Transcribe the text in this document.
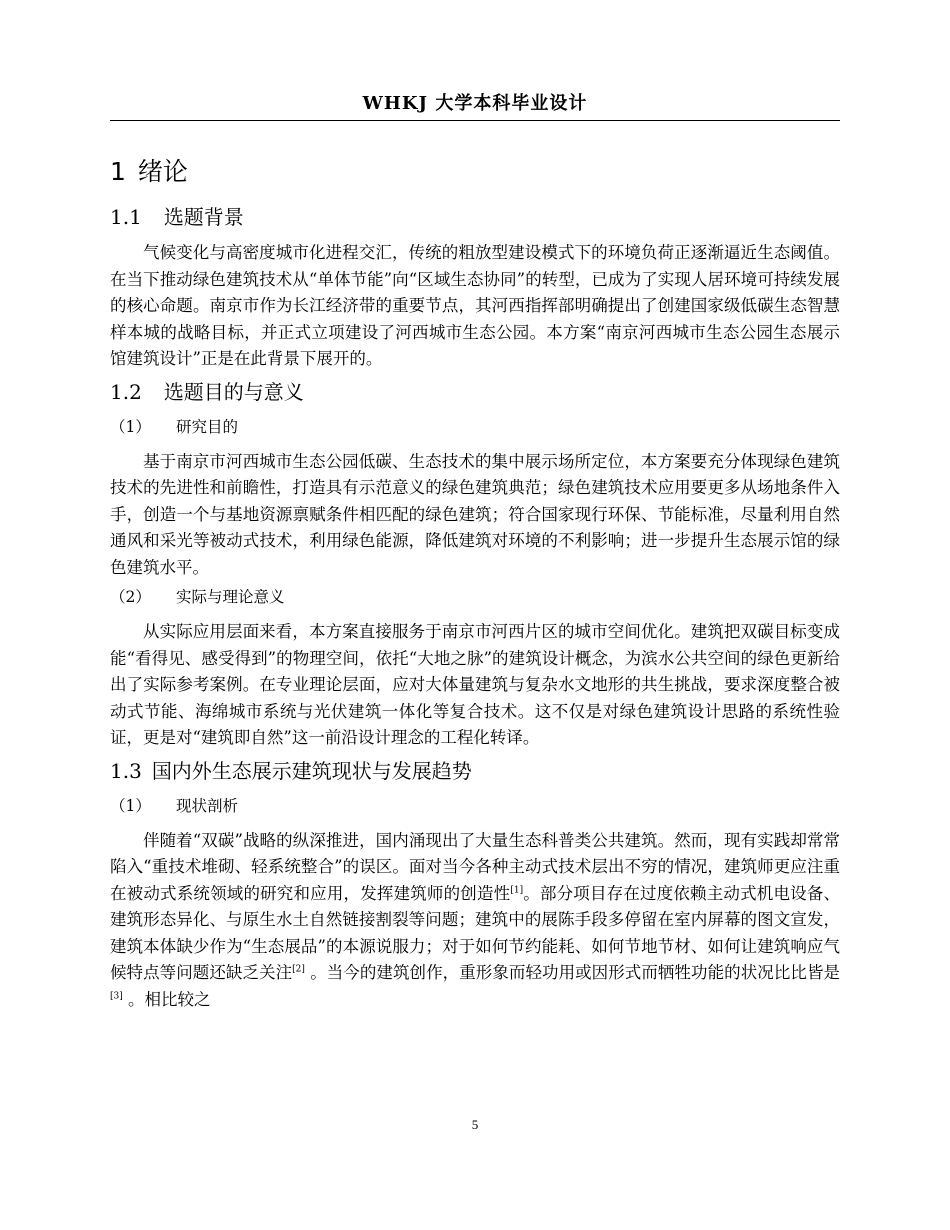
WHKJ 大学本科毕业设计
1 绪论
1.1 选题背景

气候变化与高密度城市化进程交汇，传统的粗放型建设模式下的环境负荷正逐渐逼近生态阈值。在当下推动绿色建筑技术从“单体节能”向“区域生态协同”的转型，已成为了实现人居环境可持续发展的核心命题。南京市作为长江经济带的重要节点，其河西指挥部明确提出了创建国家级低碳生态智慧样本城的战略目标，并正式立项建设了河西城市生态公园。本方案“南京河西城市生态公园生态展示馆建筑设计”正是在此背景下展开的。

1.2 选题目的与意义
（1） 研究目的

基于南京市河西城市生态公园低碳、生态技术的集中展示场所定位，本方案要充分体现绿色建筑技术的先进性和前瞻性，打造具有示范意义的绿色建筑典范；绿色建筑技术应用要更多从场地条件入手，创造一个与基地资源禀赋条件相匹配的绿色建筑；符合国家现行环保、节能标准，尽量利用自然通风和采光等被动式技术，利用绿色能源，降低建筑对环境的不利影响；进一步提升生态展示馆的绿色建筑水平。

（2） 实际与理论意义

从实际应用层面来看，本方案直接服务于南京市河西片区的城市空间优化。建筑把双碳目标变成能“看得见、感受得到”的物理空间，依托“大地之脉”的建筑设计概念，为滨水公共空间的绿色更新给出了实际参考案例。在专业理论层面，应对大体量建筑与复杂水文地形的共生挑战，要求深度整合被动式节能、海绵城市系统与光伏建筑一体化等复合技术。这不仅是对绿色建筑设计思路的系统性验证，更是对“建筑即自然”这一前沿设计理念的工程化转译。

1.3 国内外生态展示建筑现状与发展趋势
（1） 现状剖析

伴随着“双碳”战略的纵深推进，国内涌现出了大量生态科普类公共建筑。然而，现有实践却常常陷入“重技术堆砌、轻系统整合”的误区。面对当今各种主动式技术层出不穷的情况，建筑师更应注重在被动式系统领域的研究和应用，发挥建筑师的创造性[1]。部分项目存在过度依赖主动式机电设备、建筑形态异化、与原生水土自然链接割裂等问题；建筑中的展陈手段多停留在室内屏幕的图文宣发，建筑本体缺少作为“生态展品”的本源说服力；对于如何节约能耗、如何节地节材、如何让建筑响应气候特点等问题还缺乏关注[2] 。当今的建筑创作，重形象而轻功用或因形式而牺牲功能的状况比比皆是[3] 。相比较之

5
